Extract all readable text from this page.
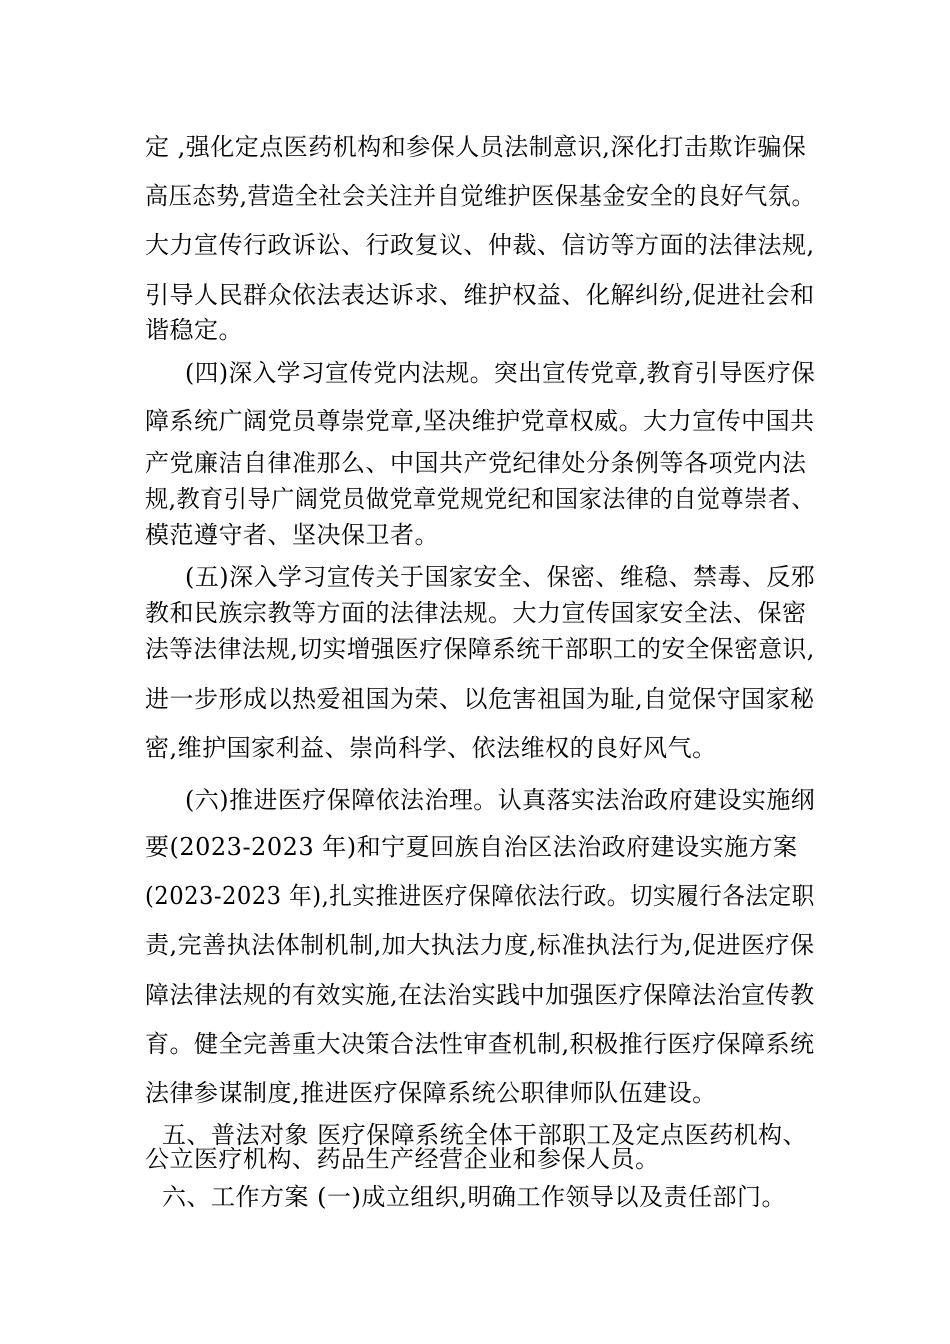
定 ,强化定点医药机构和参保人员法制意识,深化打击欺诈骗保
高压态势,营造全社会关注并自觉维护医保基金安全的良好气氛。
大力宣传行政诉讼、行政复议、仲裁、信访等方面的法律法规,
引导人民群众依法表达诉求、维护权益、化解纠纷,促进社会和
谐稳定。
(四)深入学习宣传党内法规。突出宣传党章,教育引导医疗保
障系统广阔党员尊崇党章,坚决维护党章权威。大力宣传中国共
产党廉洁自律准那么、中国共产党纪律处分条例等各项党内法
规,教育引导广阔党员做党章党规党纪和国家法律的自觉尊崇者、
模范遵守者、坚决保卫者。
(五)深入学习宣传关于国家安全、保密、维稳、禁毒、反邪
教和民族宗教等方面的法律法规。大力宣传国家安全法、保密
法等法律法规,切实增强医疗保障系统干部职工的安全保密意识,
进一步形成以热爱祖国为荣、以危害祖国为耻,自觉保守国家秘
密,维护国家利益、崇尚科学、依法维权的良好风气。
(六)推进医疗保障依法治理。认真落实法治政府建设实施纲
要(2023-2023 年)和宁夏回族自治区法治政府建设实施方案
(2023-2023 年),扎实推进医疗保障依法行政。切实履行各法定职
责,完善执法体制机制,加大执法力度,标准执法行为,促进医疗保
障法律法规的有效实施,在法治实践中加强医疗保障法治宣传教
育。健全完善重大决策合法性审查机制,积极推行医疗保障系统
法律参谋制度,推进医疗保障系统公职律师队伍建设。
五、普法对象 医疗保障系统全体干部职工及定点医药机构、
公立医疗机构、药品生产经营企业和参保人员。
六、工作方案 (一)成立组织,明确工作领导以及责任部门。
